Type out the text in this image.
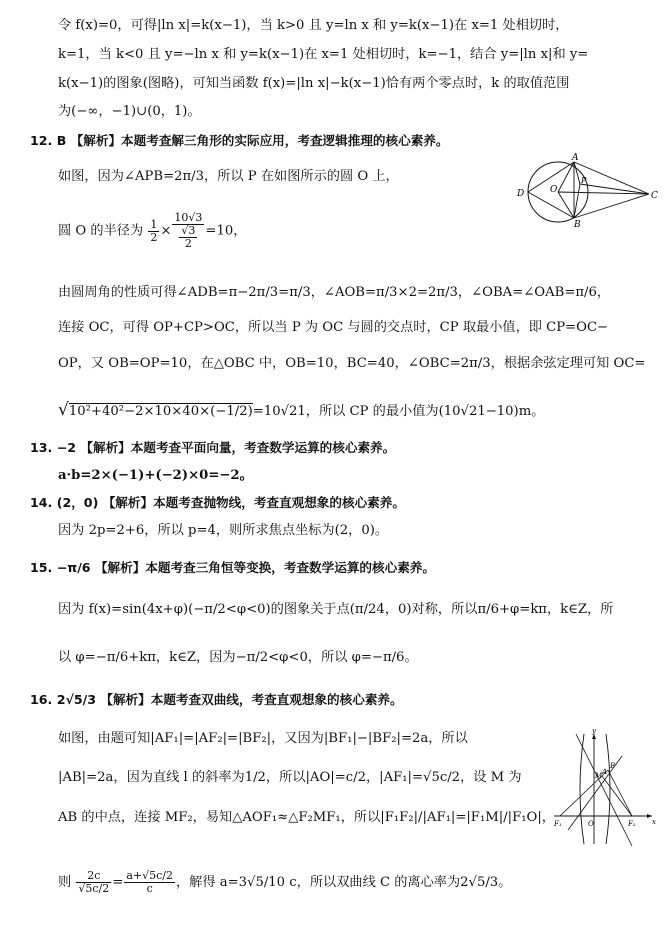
令 f(x)=0，可得|ln x|=k(x−1)，当 k>0 且 y=ln x 和 y=k(x−1)在 x=1 处相切时，
k=1，当 k<0 且 y=−ln x 和 y=k(x−1)在 x=1 处相切时，k=−1，结合 y=|ln x|和 y=
k(x−1)的图象(图略)，可知当函数 f(x)=|ln x|−k(x−1)恰有两个零点时，k 的取值范围
为(−∞，−1)∪(0，1)。
12. B 【解析】本题考查解三角形的实际应用，考查逻辑推理的核心素养。
如图，因为∠APB=2π/3，所以 P 在如图所示的圆 O 上，
圆 O 的半径为 $\frac{1}{2} \times \frac{10√3}{\frac{√3}{2}} =10$，
A
B
C
D	O
P
由圆周角的性质可得∠ADB=π−2π/3=π/3，∠AOB=π/3×2=2π/3，∠OBA=∠OAB=π/6，
连接 OC，可得 OP+CP>OC，所以当 P 为 OC 与圆的交点时，CP 取最小值，即 CP=OC−
OP，又 OB=OP=10，在△OBC 中，OB=10，BC=40，∠OBC=2π/3，根据余弦定理可知 OC=
√10²+40²−2×10×40×(−1/2)=10√21，所以 CP 的最小值为(10√21−10)m。
13. −2 【解析】本题考查平面向量，考查数学运算的核心素养。
a·b=2×(−1)+(−2)×0=−2。
14. (2，0) 【解析】本题考查抛物线，考查直观想象的核心素养。
因为 2p=2+6，所以 p=4，则所求焦点坐标为(2，0)。
15. −π/6 【解析】本题考查三角恒等变换，考查数学运算的核心素养。
因为 f(x)=sin(4x+φ)(−π/2<φ<0)的图象关于点(π/24，0)对称，所以π/6+φ=kπ，k∈Z，所
以 φ=−π/6+kπ，k∈Z，因为−π/2<φ<0，所以 φ=−π/6。
16. 2√5/3 【解析】本题考查双曲线，考查直观想象的核心素养。
如图，由题可知|AF₁|=|AF₂|=|BF₂|，又因为|BF₁|−|BF₂|=2a，所以
|AB|=2a，因为直线 l 的斜率为1/2，所以|AO|=c/2，|AF₁|=√5c/2，设 M 为
AB 的中点，连接 MF₂，易知△AOF₁≈△F₂MF₁，所以|F₁F₂|/|AF₁|=|F₁M|/|F₁O|，
则 $\frac{2c}{√5c/2} = \frac{a+√5c/2}{c}$ ，解得 a=3√5/10 c，所以双曲线 C 的离心率为2√5/3。
y
x
A
B
M
O
F₁	F₂
